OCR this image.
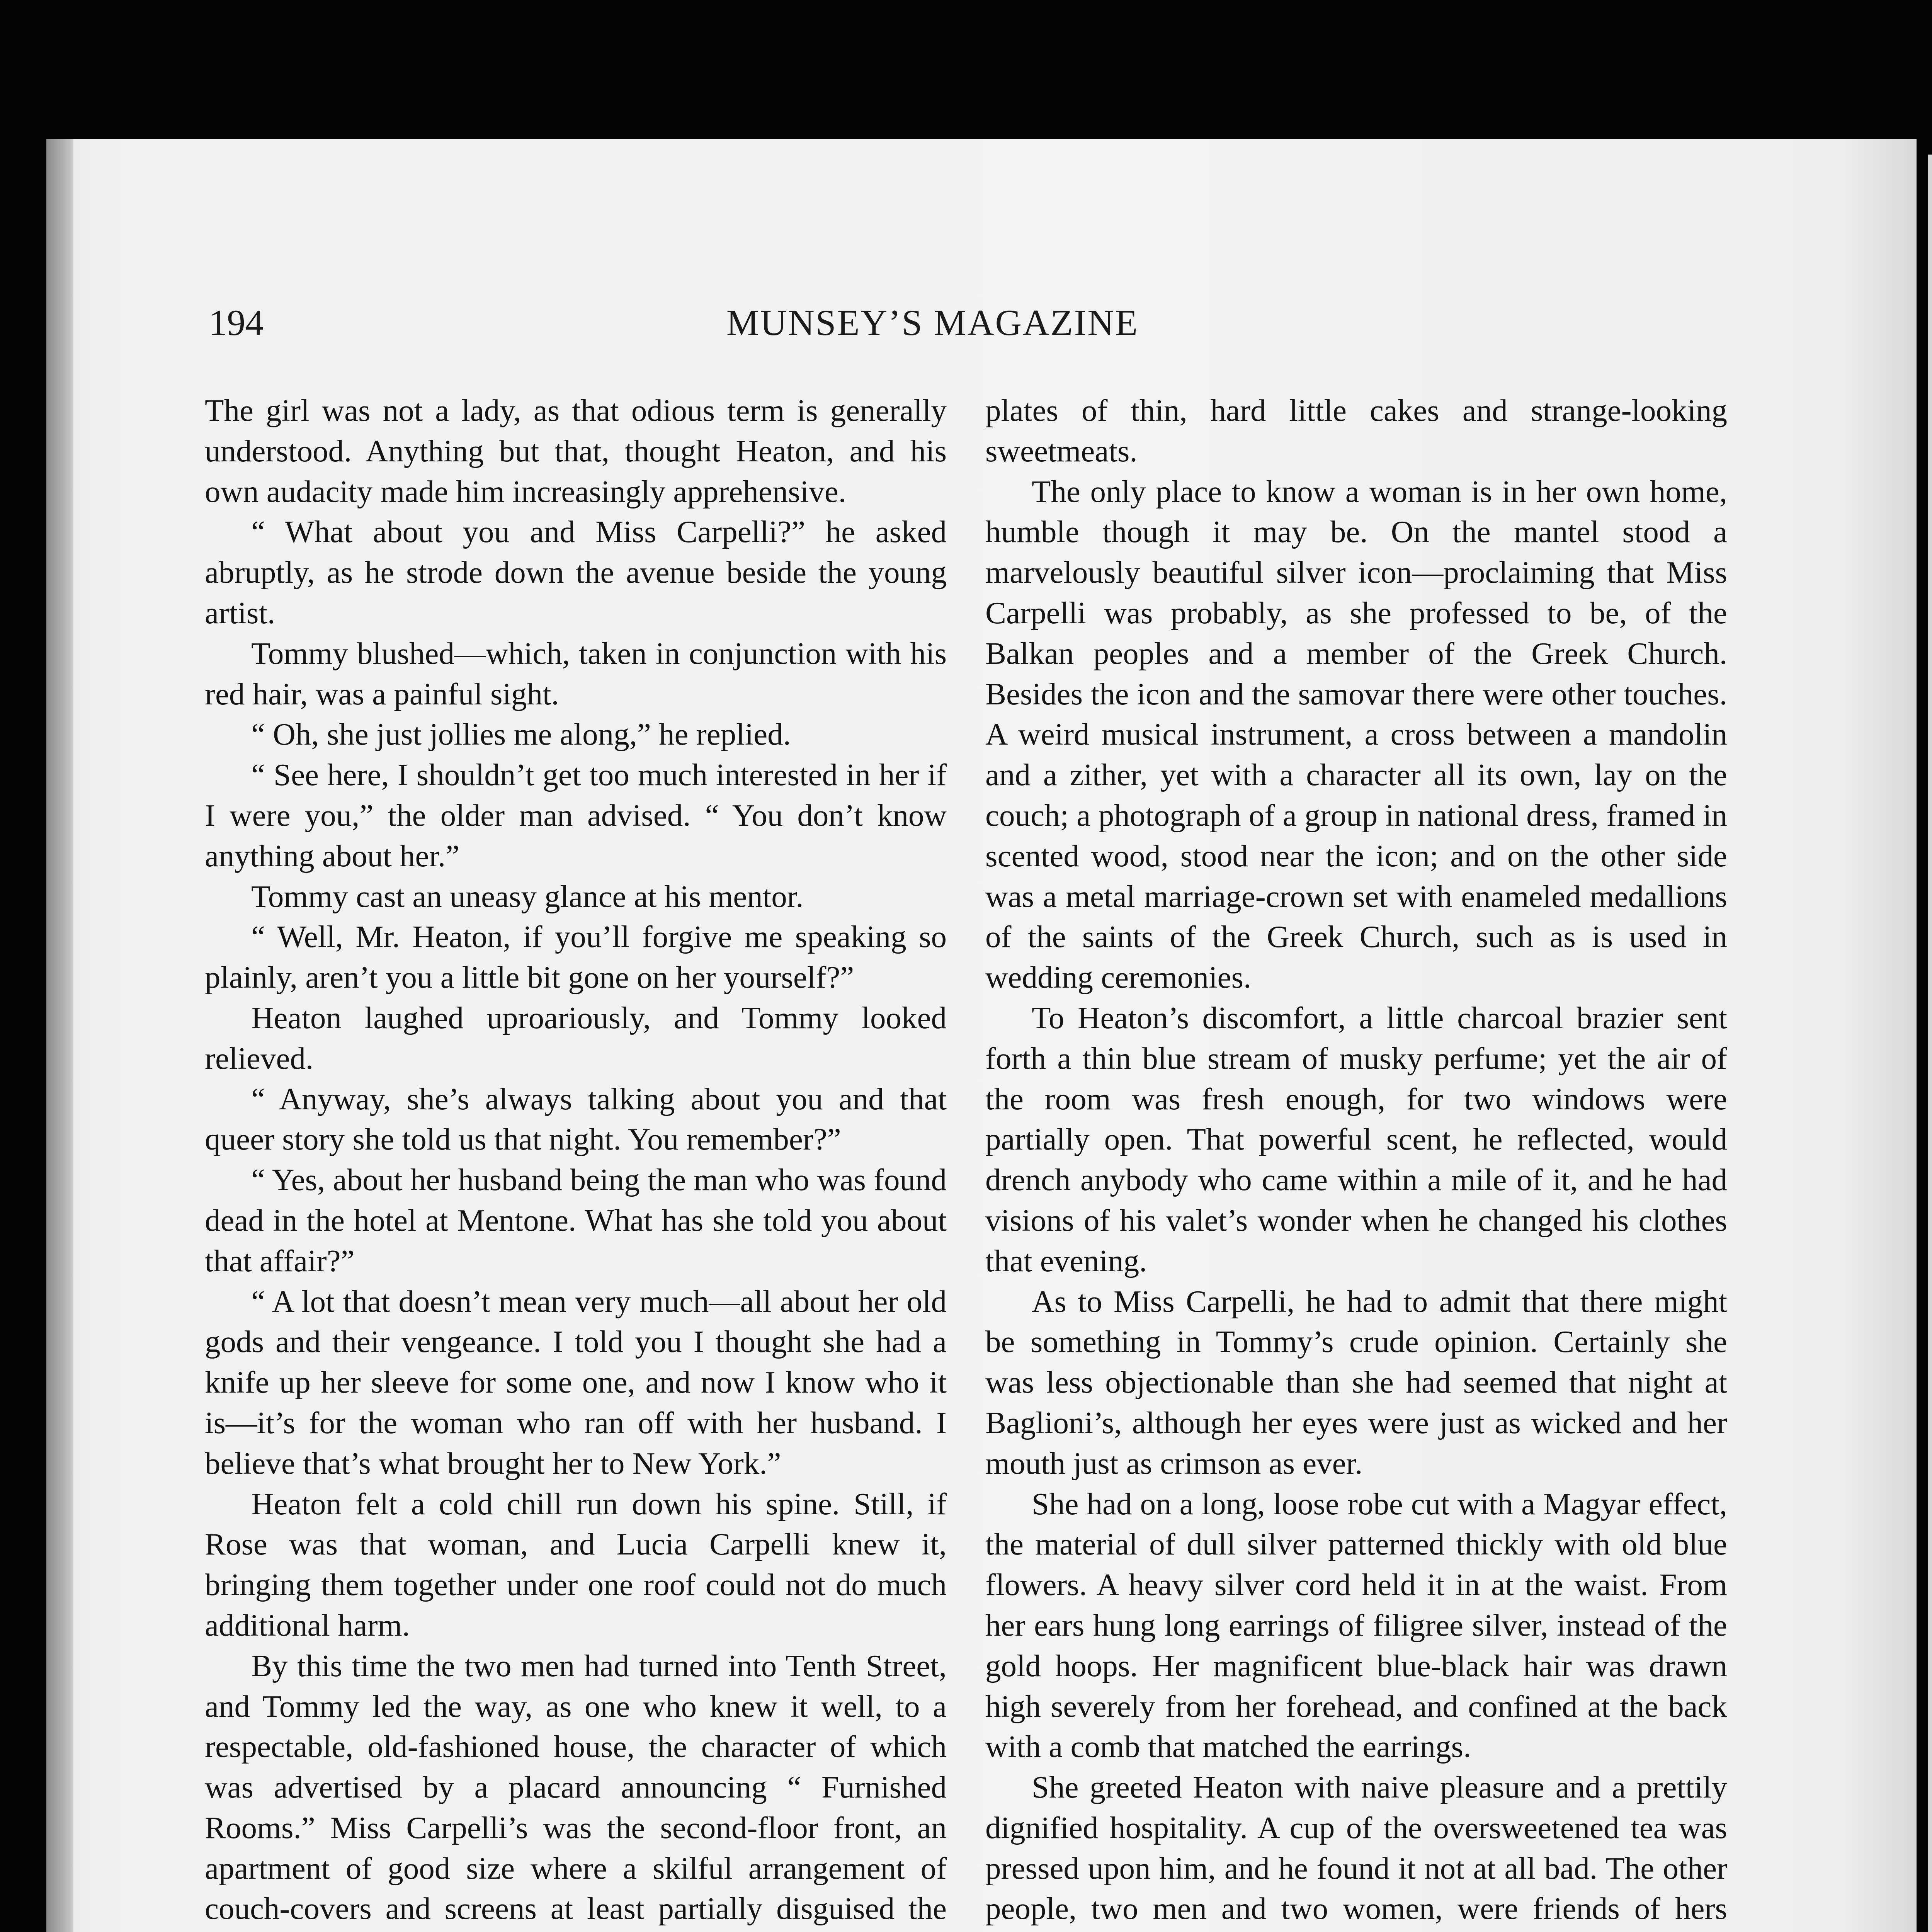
194	MUNSEY’S MAGAZINE

The girl was not a lady, as that odious term is generally understood. Anything but that, thought Heaton, and his own audacity made him increasingly apprehensive.

“ What about you and Miss Carpelli?” he asked abruptly, as he strode down the avenue beside the young artist.

Tommy blushed—which, taken in conjunction with his red hair, was a painful sight.

“ Oh, she just jollies me along,” he replied.

“ See here, I shouldn’t get too much interested in her if I were you,” the older man advised. “ You don’t know anything about her.”

Tommy cast an uneasy glance at his mentor.

“ Well, Mr. Heaton, if you’ll forgive me speaking so plainly, aren’t you a little bit gone on her yourself?”

Heaton laughed uproariously, and Tommy looked relieved.

“ Anyway, she’s always talking about you and that queer story she told us that night. You remember?”

“ Yes, about her husband being the man who was found dead in the hotel at Mentone. What has she told you about that affair?”

“ A lot that doesn’t mean very much—all about her old gods and their vengeance. I told you I thought she had a knife up her sleeve for some one, and now I know who it is—it’s for the woman who ran off with her husband. I believe that’s what brought her to New York.”

Heaton felt a cold chill run down his spine. Still, if Rose was that woman, and Lucia Carpelli knew it, bringing them together under one roof could not do much additional harm.

By this time the two men had turned into Tenth Street, and Tommy led the way, as one who knew it well, to a respectable, old-fashioned house, the character of which was advertised by a placard announcing “ Furnished Rooms.” Miss Carpelli’s was the second-floor front, an apartment of good size where a skilful arrangement of couch-covers and screens at least partially disguised the

plates of thin, hard little cakes and strange-looking sweetmeats.

The only place to know a woman is in her own home, humble though it may be. On the mantel stood a marvelously beautiful silver icon—proclaiming that Miss Carpelli was probably, as she professed to be, of the Balkan peoples and a member of the Greek Church. Besides the icon and the samovar there were other touches. A weird musical instrument, a cross between a mandolin and a zither, yet with a character all its own, lay on the couch; a photograph of a group in national dress, framed in scented wood, stood near the icon; and on the other side was a metal marriage-crown set with enameled medallions of the saints of the Greek Church, such as is used in wedding ceremonies.

To Heaton’s discomfort, a little charcoal brazier sent forth a thin blue stream of musky perfume; yet the air of the room was fresh enough, for two windows were partially open. That powerful scent, he reflected, would drench anybody who came within a mile of it, and he had visions of his valet’s wonder when he changed his clothes that evening.

As to Miss Carpelli, he had to admit that there might be something in Tommy’s crude opinion. Certainly she was less objectionable than she had seemed that night at Baglioni’s, although her eyes were just as wicked and her mouth just as crimson as ever.

She had on a long, loose robe cut with a Magyar effect, the material of dull silver patterned thickly with old blue flowers. A heavy silver cord held it in at the waist. From her ears hung long earrings of filigree silver, instead of the gold hoops. Her magnificent blue-black hair was drawn high severely from her forehead, and confined at the back with a comb that matched the earrings.

She greeted Heaton with naive pleasure and a prettily dignified hospitality. A cup of the oversweetened tea was pressed upon him, and he found it not at all bad. The other people, two men and two women, were friends of hers
